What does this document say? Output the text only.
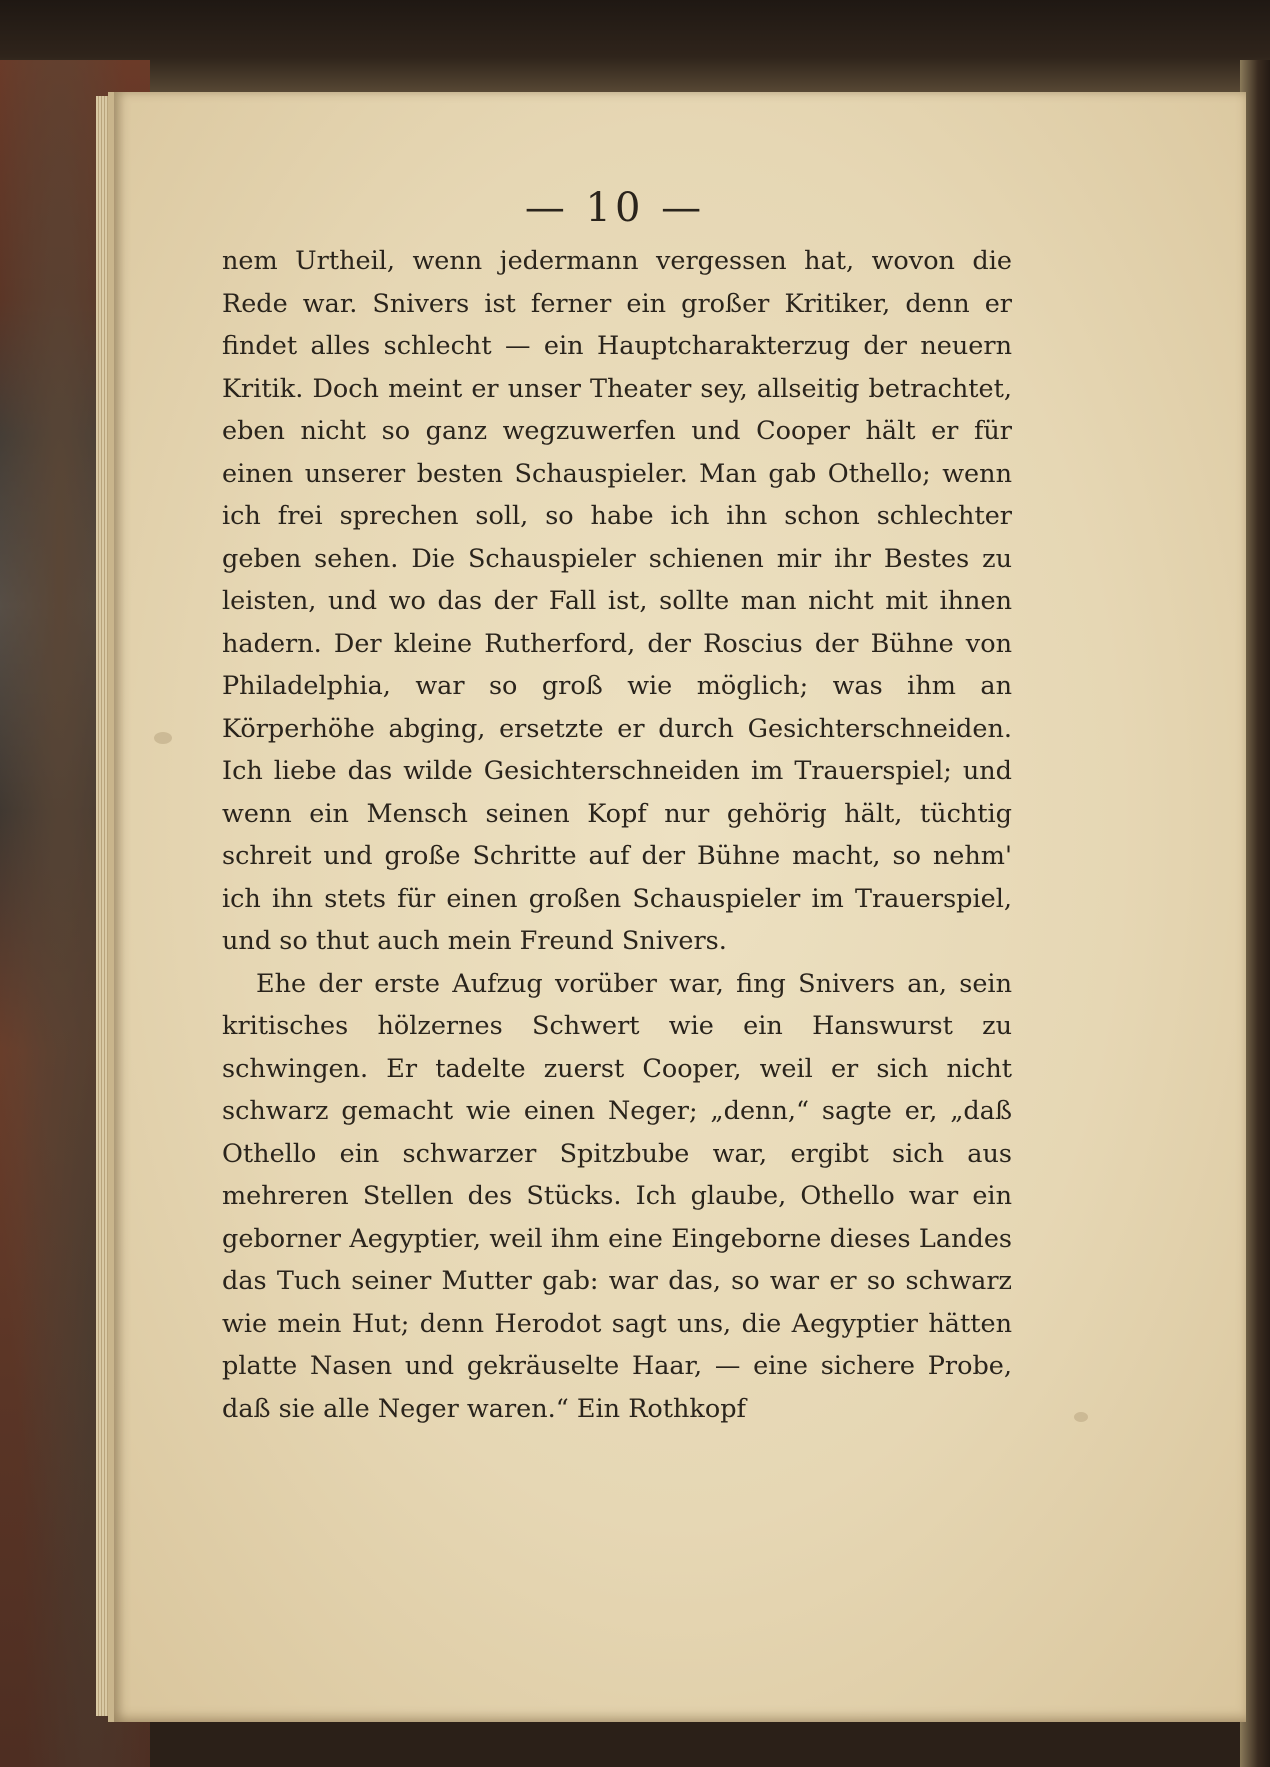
— 10 —

nem Urtheil, wenn jedermann vergessen hat, wovon die Rede war. Snivers ist ferner ein großer Kritiker, denn er findet alles schlecht — ein Hauptcharakterzug der neuern Kritik. Doch meint er unser Theater sey, allseitig betrachtet, eben nicht so ganz wegzuwerfen und Cooper hält er für einen unserer besten Schauspieler. Man gab Othello; wenn ich frei sprechen soll, so habe ich ihn schon schlechter geben sehen. Die Schauspieler schienen mir ihr Bestes zu leisten, und wo das der Fall ist, sollte man nicht mit ihnen hadern. Der kleine Rutherford, der Roscius der Bühne von Philadelphia, war so groß wie möglich; was ihm an Körperhöhe abging, ersetzte er durch Gesichterschneiden. Ich liebe das wilde Gesichterschneiden im Trauerspiel; und wenn ein Mensch seinen Kopf nur gehörig hält, tüchtig schreit und große Schritte auf der Bühne macht, so nehm' ich ihn stets für einen großen Schauspieler im Trauerspiel, und so thut auch mein Freund Snivers.

Ehe der erste Aufzug vorüber war, fing Snivers an, sein kritisches hölzernes Schwert wie ein Hanswurst zu schwingen. Er tadelte zuerst Cooper, weil er sich nicht schwarz gemacht wie einen Neger; „denn,“ sagte er, „daß Othello ein schwarzer Spitzbube war, ergibt sich aus mehreren Stellen des Stücks. Ich glaube, Othello war ein geborner Aegyptier, weil ihm eine Eingeborne dieses Landes das Tuch seiner Mutter gab: war das, so war er so schwarz wie mein Hut; denn Herodot sagt uns, die Aegyptier hätten platte Nasen und gekräuselte Haar, — eine sichere Probe, daß sie alle Neger waren.“ Ein Rothkopf
